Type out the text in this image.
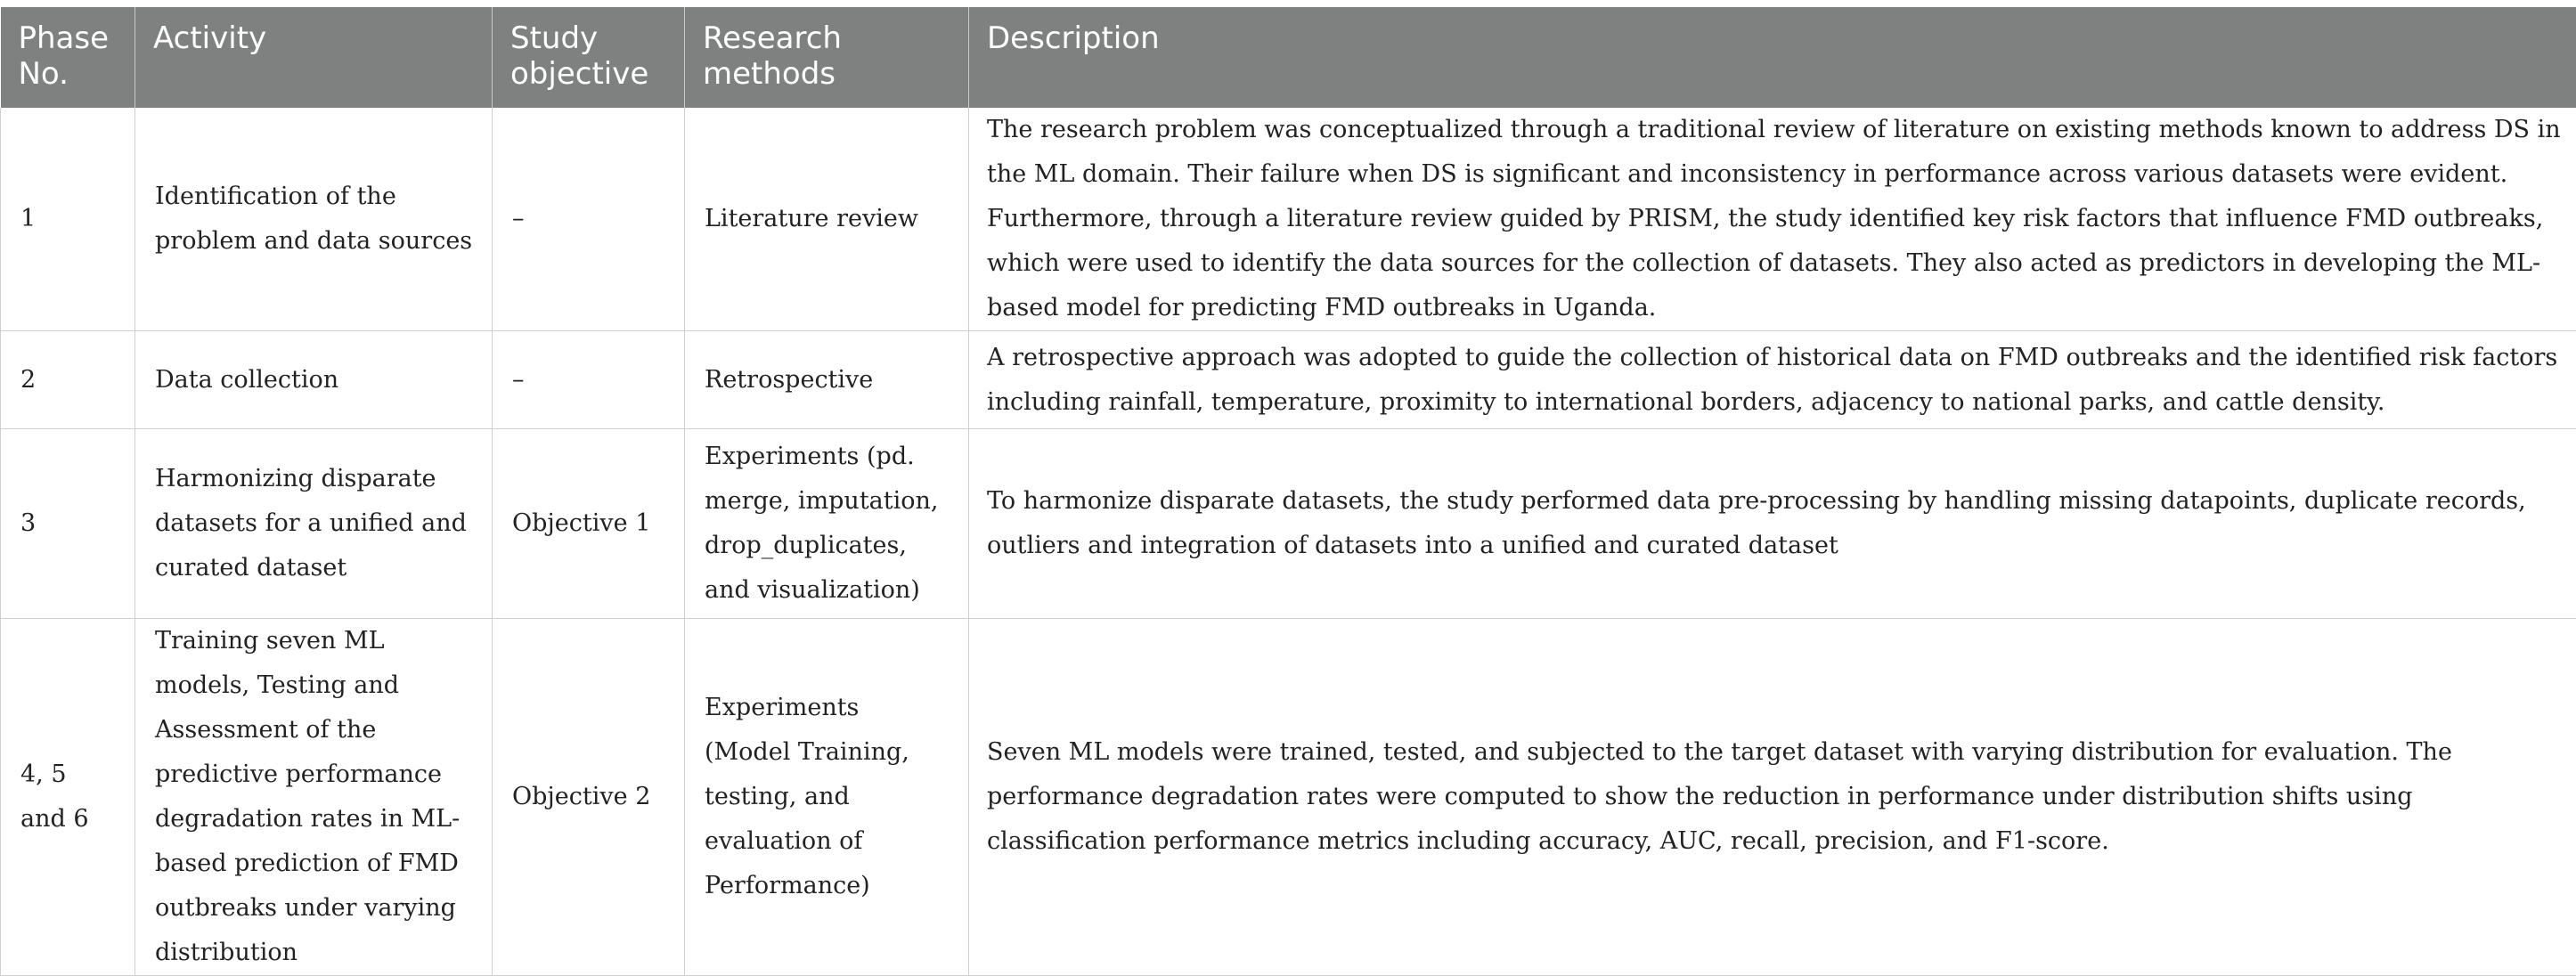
Phase No.	Activity	Study objective	Research methods	Description
1	Identification of the problem and data sources	–	Literature review	The research problem was conceptualized through a traditional review of literature on existing methods known to address DS in the ML domain. Their failure when DS is significant and inconsistency in performance across various datasets were evident. Furthermore, through a literature review guided by PRISM, the study identified key risk factors that influence FMD outbreaks, which were used to identify the data sources for the collection of datasets. They also acted as predictors in developing the ML-based model for predicting FMD outbreaks in Uganda.
2	Data collection	–	Retrospective	A retrospective approach was adopted to guide the collection of historical data on FMD outbreaks and the identified risk factors including rainfall, temperature, proximity to international borders, adjacency to national parks, and cattle density.
3	Harmonizing disparate datasets for a unified and curated dataset	Objective 1	Experiments (pd. merge, imputation, drop_duplicates, and visualization)	To harmonize disparate datasets, the study performed data pre-processing by handling missing datapoints, duplicate records, outliers and integration of datasets into a unified and curated dataset
4, 5 and 6	Training seven ML models, Testing and Assessment of the predictive performance degradation rates in ML-based prediction of FMD outbreaks under varying distribution	Objective 2	Experiments (Model Training, testing, and evaluation of Performance)	Seven ML models were trained, tested, and subjected to the target dataset with varying distribution for evaluation. The performance degradation rates were computed to show the reduction in performance under distribution shifts using classification performance metrics including accuracy, AUC, recall, precision, and F1-score.
